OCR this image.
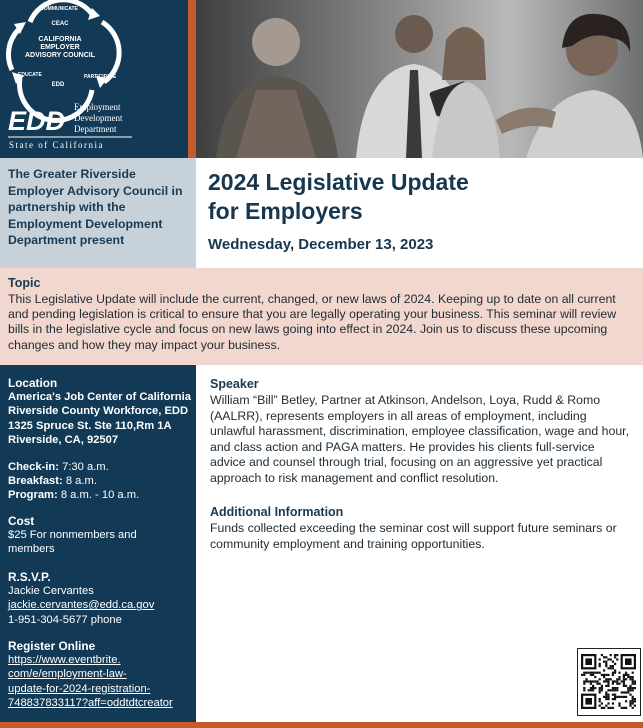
COMMUNICATE
CEAC
EDUCATE
EDD
PARTICIPATE
EDD Employment
Development
Department
State of California
CALIFORNIA EMPLOYER ADVISORY COUNCIL
The Greater Riverside Employer Advisory Council in partnership with the Employment Development Department present
2024 Legislative Update
for Employers
Wednesday, December 13, 2023
Topic
This Legislative Update will include the current, changed, or new laws of 2024. Keeping up to date on all current and pending legislation is critical to ensure that you are legally operating your business. This seminar will review bills in the legislative cycle and focus on new laws going into effect in 2024. Join us to discuss these upcoming changes and how they may impact your business.
Location
America's Job Center of California
Riverside County Workforce, EDD
1325 Spruce St. Ste 110,Rm 1A
Riverside, CA, 92507
Check-in: 7:30 a.m.
Breakfast: 8 a.m.
Program: 8 a.m. - 10 a.m.
Cost
$25 For nonmembers and
members
R.S.V.P.
Jackie Cervantes
jackie.cervantes@edd.ca.gov
1-951-304-5677 phone
Register Online
https://www.eventbrite.
com/e/employment-law-
update-for-2024-registration-
748837833117?aff=oddtdtcreator
Speaker
William “Bill” Betley, Partner at Atkinson, Andelson, Loya, Rudd & Romo (AALRR), represents employers in all areas of employment, including unlawful harassment, discrimination, employee classification, wage and hour, and class action and PAGA matters. He provides his clients full-service advice and counsel through trial, focusing on an aggressive yet practical approach to risk management and conflict resolution.
Additional Information
Funds collected exceeding the seminar cost will support future seminars or community employment and training opportunities.
